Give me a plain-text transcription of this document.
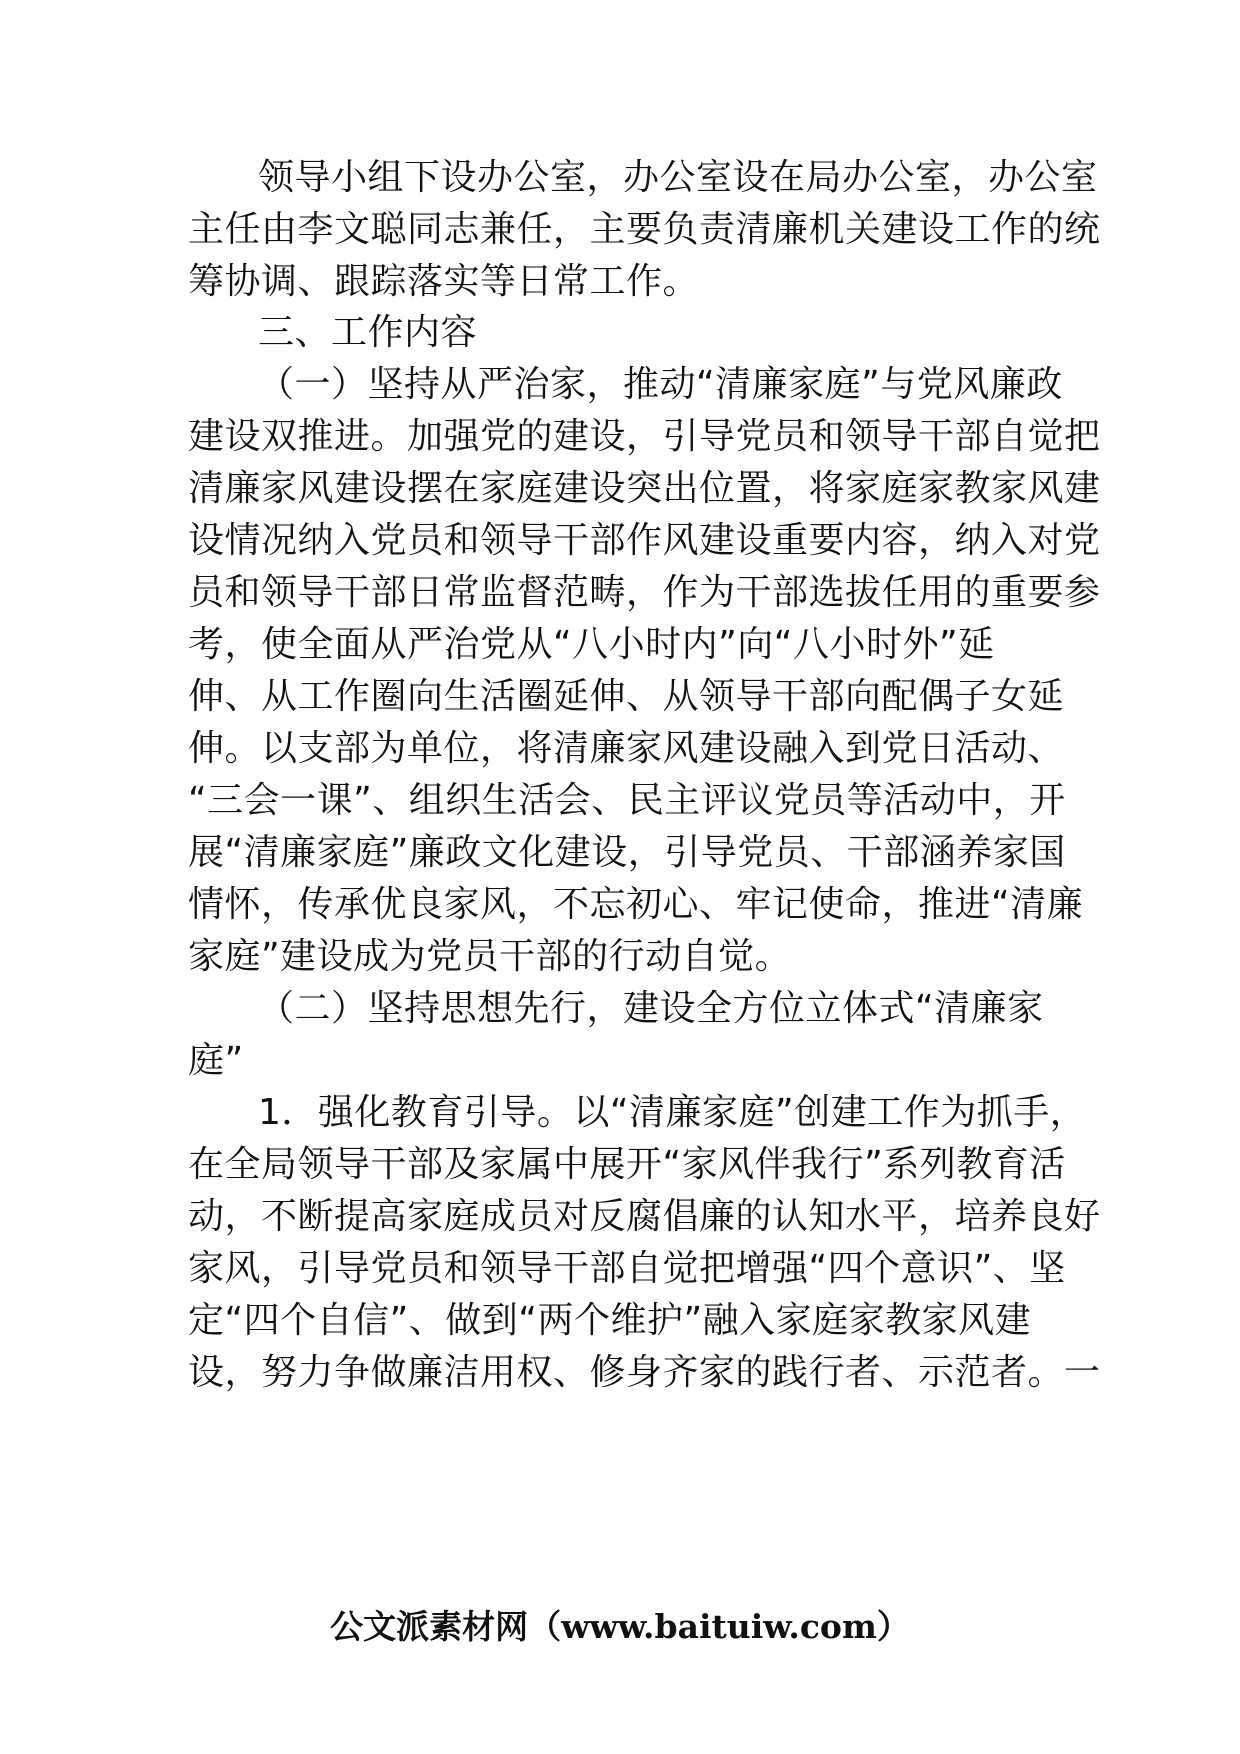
领导小组下设办公室，办公室设在局办公室，办公室
主任由李文聪同志兼任，主要负责清廉机关建设工作的统
筹协调、跟踪落实等日常工作。
三、工作内容
（一）坚持从严治家，推动“清廉家庭”与党风廉政
建设双推进。加强党的建设，引导党员和领导干部自觉把
清廉家风建设摆在家庭建设突出位置，将家庭家教家风建
设情况纳入党员和领导干部作风建设重要内容，纳入对党
员和领导干部日常监督范畴，作为干部选拔任用的重要参
考，使全面从严治党从“八小时内”向“八小时外”延
伸、从工作圈向生活圈延伸、从领导干部向配偶子女延
伸。以支部为单位，将清廉家风建设融入到党日活动、
“三会一课”、组织生活会、民主评议党员等活动中，开
展“清廉家庭”廉政文化建设，引导党员、干部涵养家国
情怀，传承优良家风，不忘初心、牢记使命，推进“清廉
家庭”建设成为党员干部的行动自觉。
（二）坚持思想先行，建设全方位立体式“清廉家
庭”
1．强化教育引导。以“清廉家庭”创建工作为抓手，
在全局领导干部及家属中展开“家风伴我行”系列教育活
动，不断提高家庭成员对反腐倡廉的认知水平，培养良好
家风，引导党员和领导干部自觉把增强“四个意识”、坚
定“四个自信”、做到“两个维护”融入家庭家教家风建
设，努力争做廉洁用权、修身齐家的践行者、示范者。一
公文派素材网（www.baituiw.com）
